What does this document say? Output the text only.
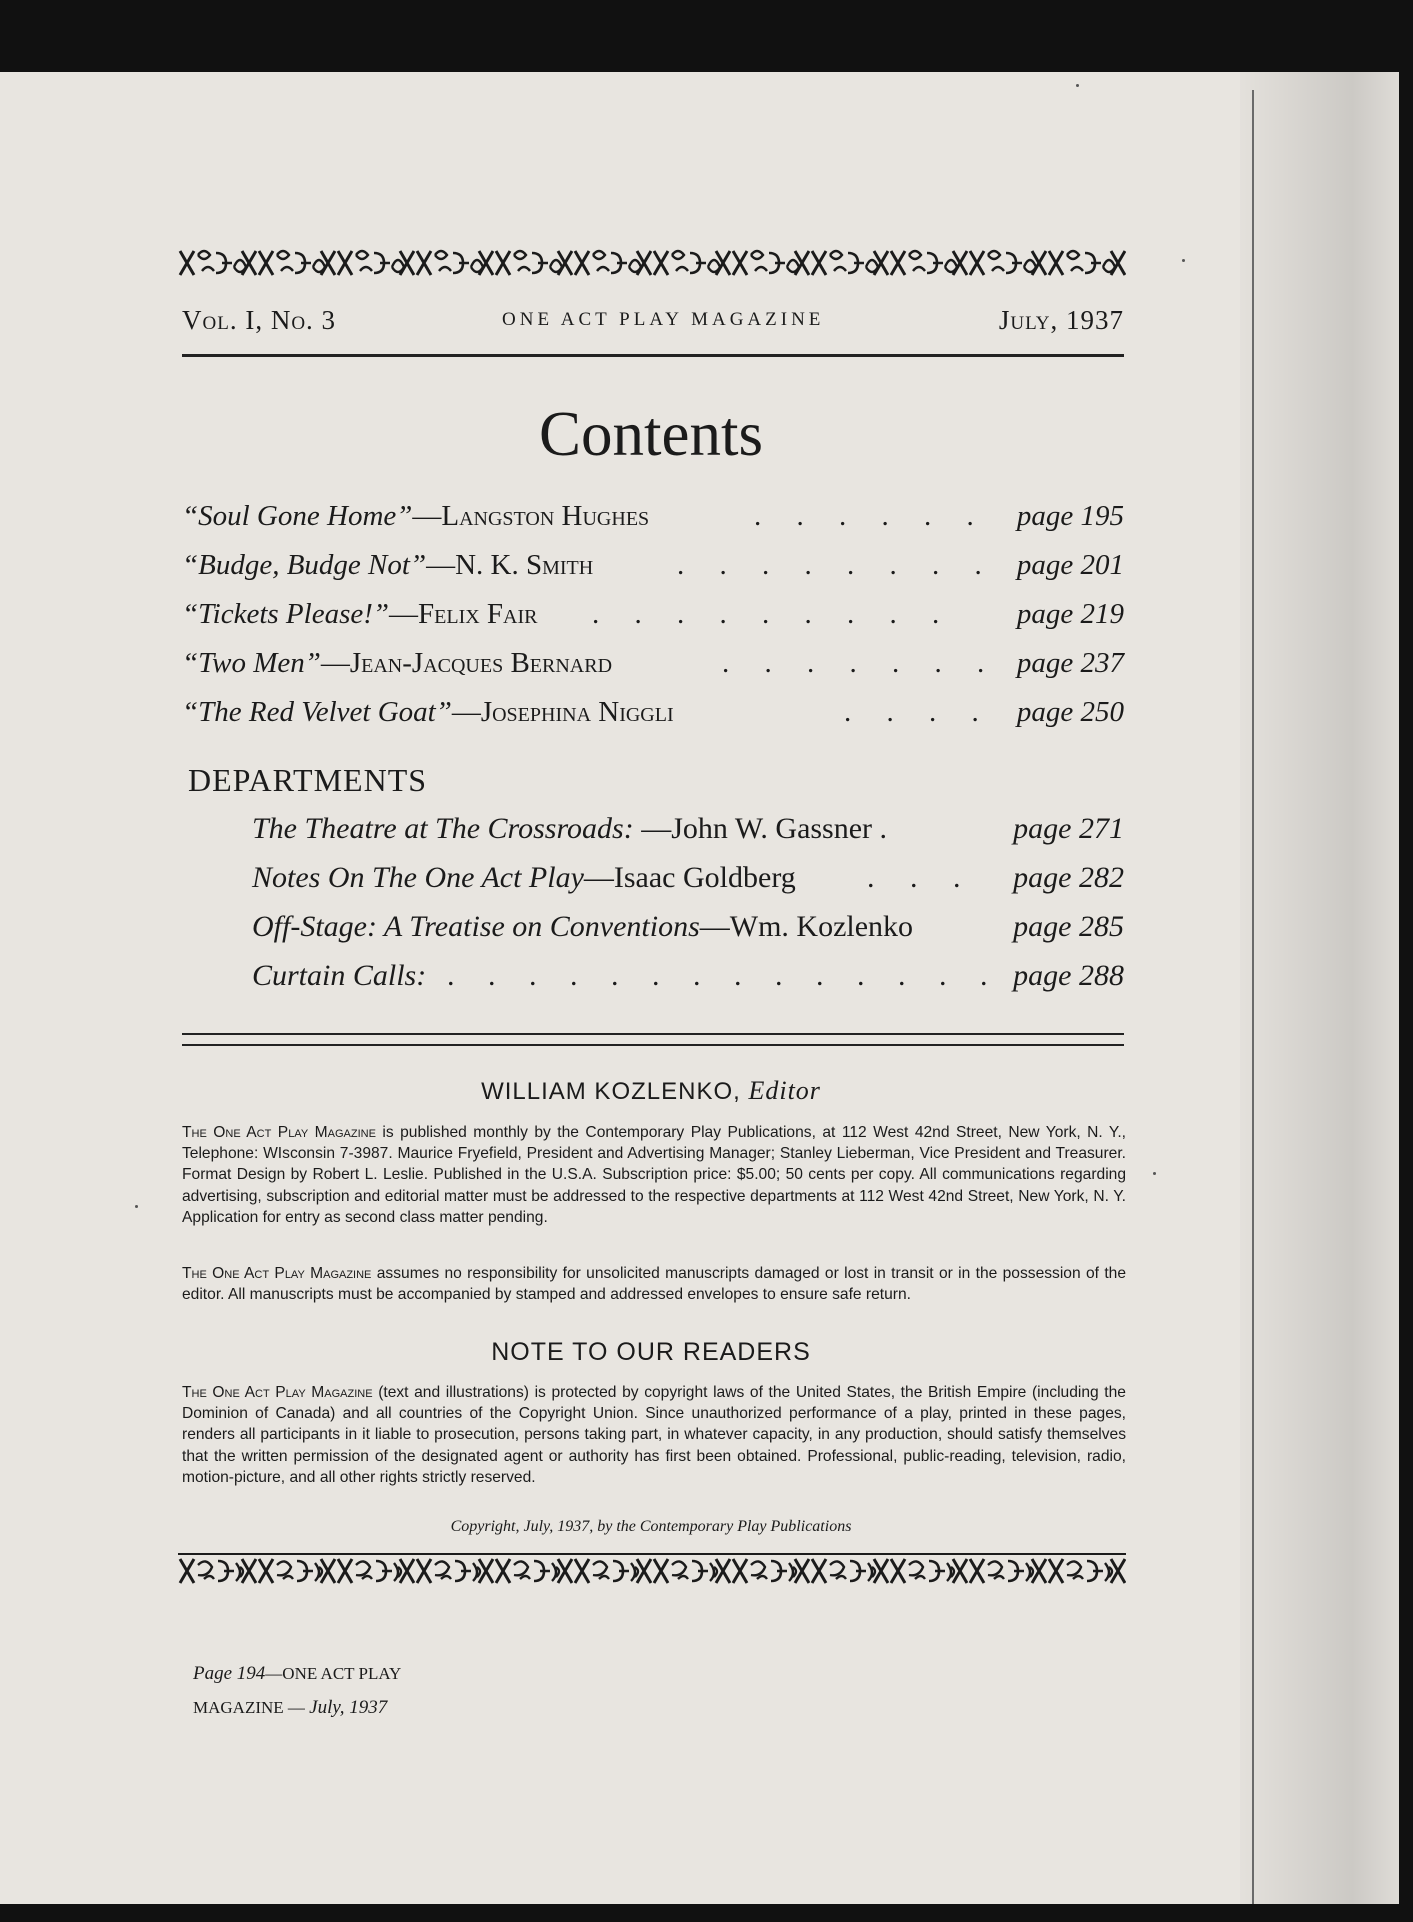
Vol. I, No. 3	ONE ACT PLAY MAGAZINE	July, 1937
Contents
“Soul Gone Home”—Langston Hughes	. . . . . . page 195
“Budge, Budge Not”—N. K. Smith	. . . . . . . . page 201
“Tickets Please!”—Felix Fair . . . . . . . . . page 219
“Two Men”—Jean-Jacques Bernard	. . . . . . . page 237
“The Red Velvet Goat”—Josephina Niggli	. . . . page 250
DEPARTMENTS
The Theatre at The Crossroads: —John W. Gassner .	page 271
Notes On The One Act Play—Isaac Goldberg . . . page 282
Off-Stage: A Treatise on Conventions—Wm. Kozlenko	page 285
Curtain Calls: . . . . . . . . . . . . . . page 288
WILLIAM KOZLENKO, Editor
The One Act Play Magazine is published monthly by the Contemporary Play Publications, at 112 West 42nd Street, New York, N. Y., Telephone: WIsconsin 7-3987. Maurice Fryefield, President and Advertising Manager; Stanley Lieberman, Vice President and Treasurer. Format Design by Robert L. Leslie. Published in the U.S.A. Subscription price: $5.00; 50 cents per copy. All communications regarding advertising, subscription and editorial matter must be addressed to the respective departments at 112 West 42nd Street, New York, N. Y. Application for entry as second class matter pending.
The One Act Play Magazine assumes no responsibility for unsolicited manuscripts damaged or lost in transit or in the possession of the editor. All manuscripts must be accompanied by stamped and addressed envelopes to ensure safe return.
NOTE TO OUR READERS
The One Act Play Magazine (text and illustrations) is protected by copyright laws of the United States, the British Empire (including the Dominion of Canada) and all countries of the Copyright Union. Since unauthorized performance of a play, printed in these pages, renders all participants in it liable to prosecution, persons taking part, in whatever capacity, in any production, should satisfy themselves that the written permission of the designated agent or authority has first been obtained. Professional, public-reading, television, radio, motion-picture, and all other rights strictly reserved.
Copyright, July, 1937, by the Contemporary Play Publications
Page 194—ONE ACT PLAY
MAGAZINE — July, 1937
